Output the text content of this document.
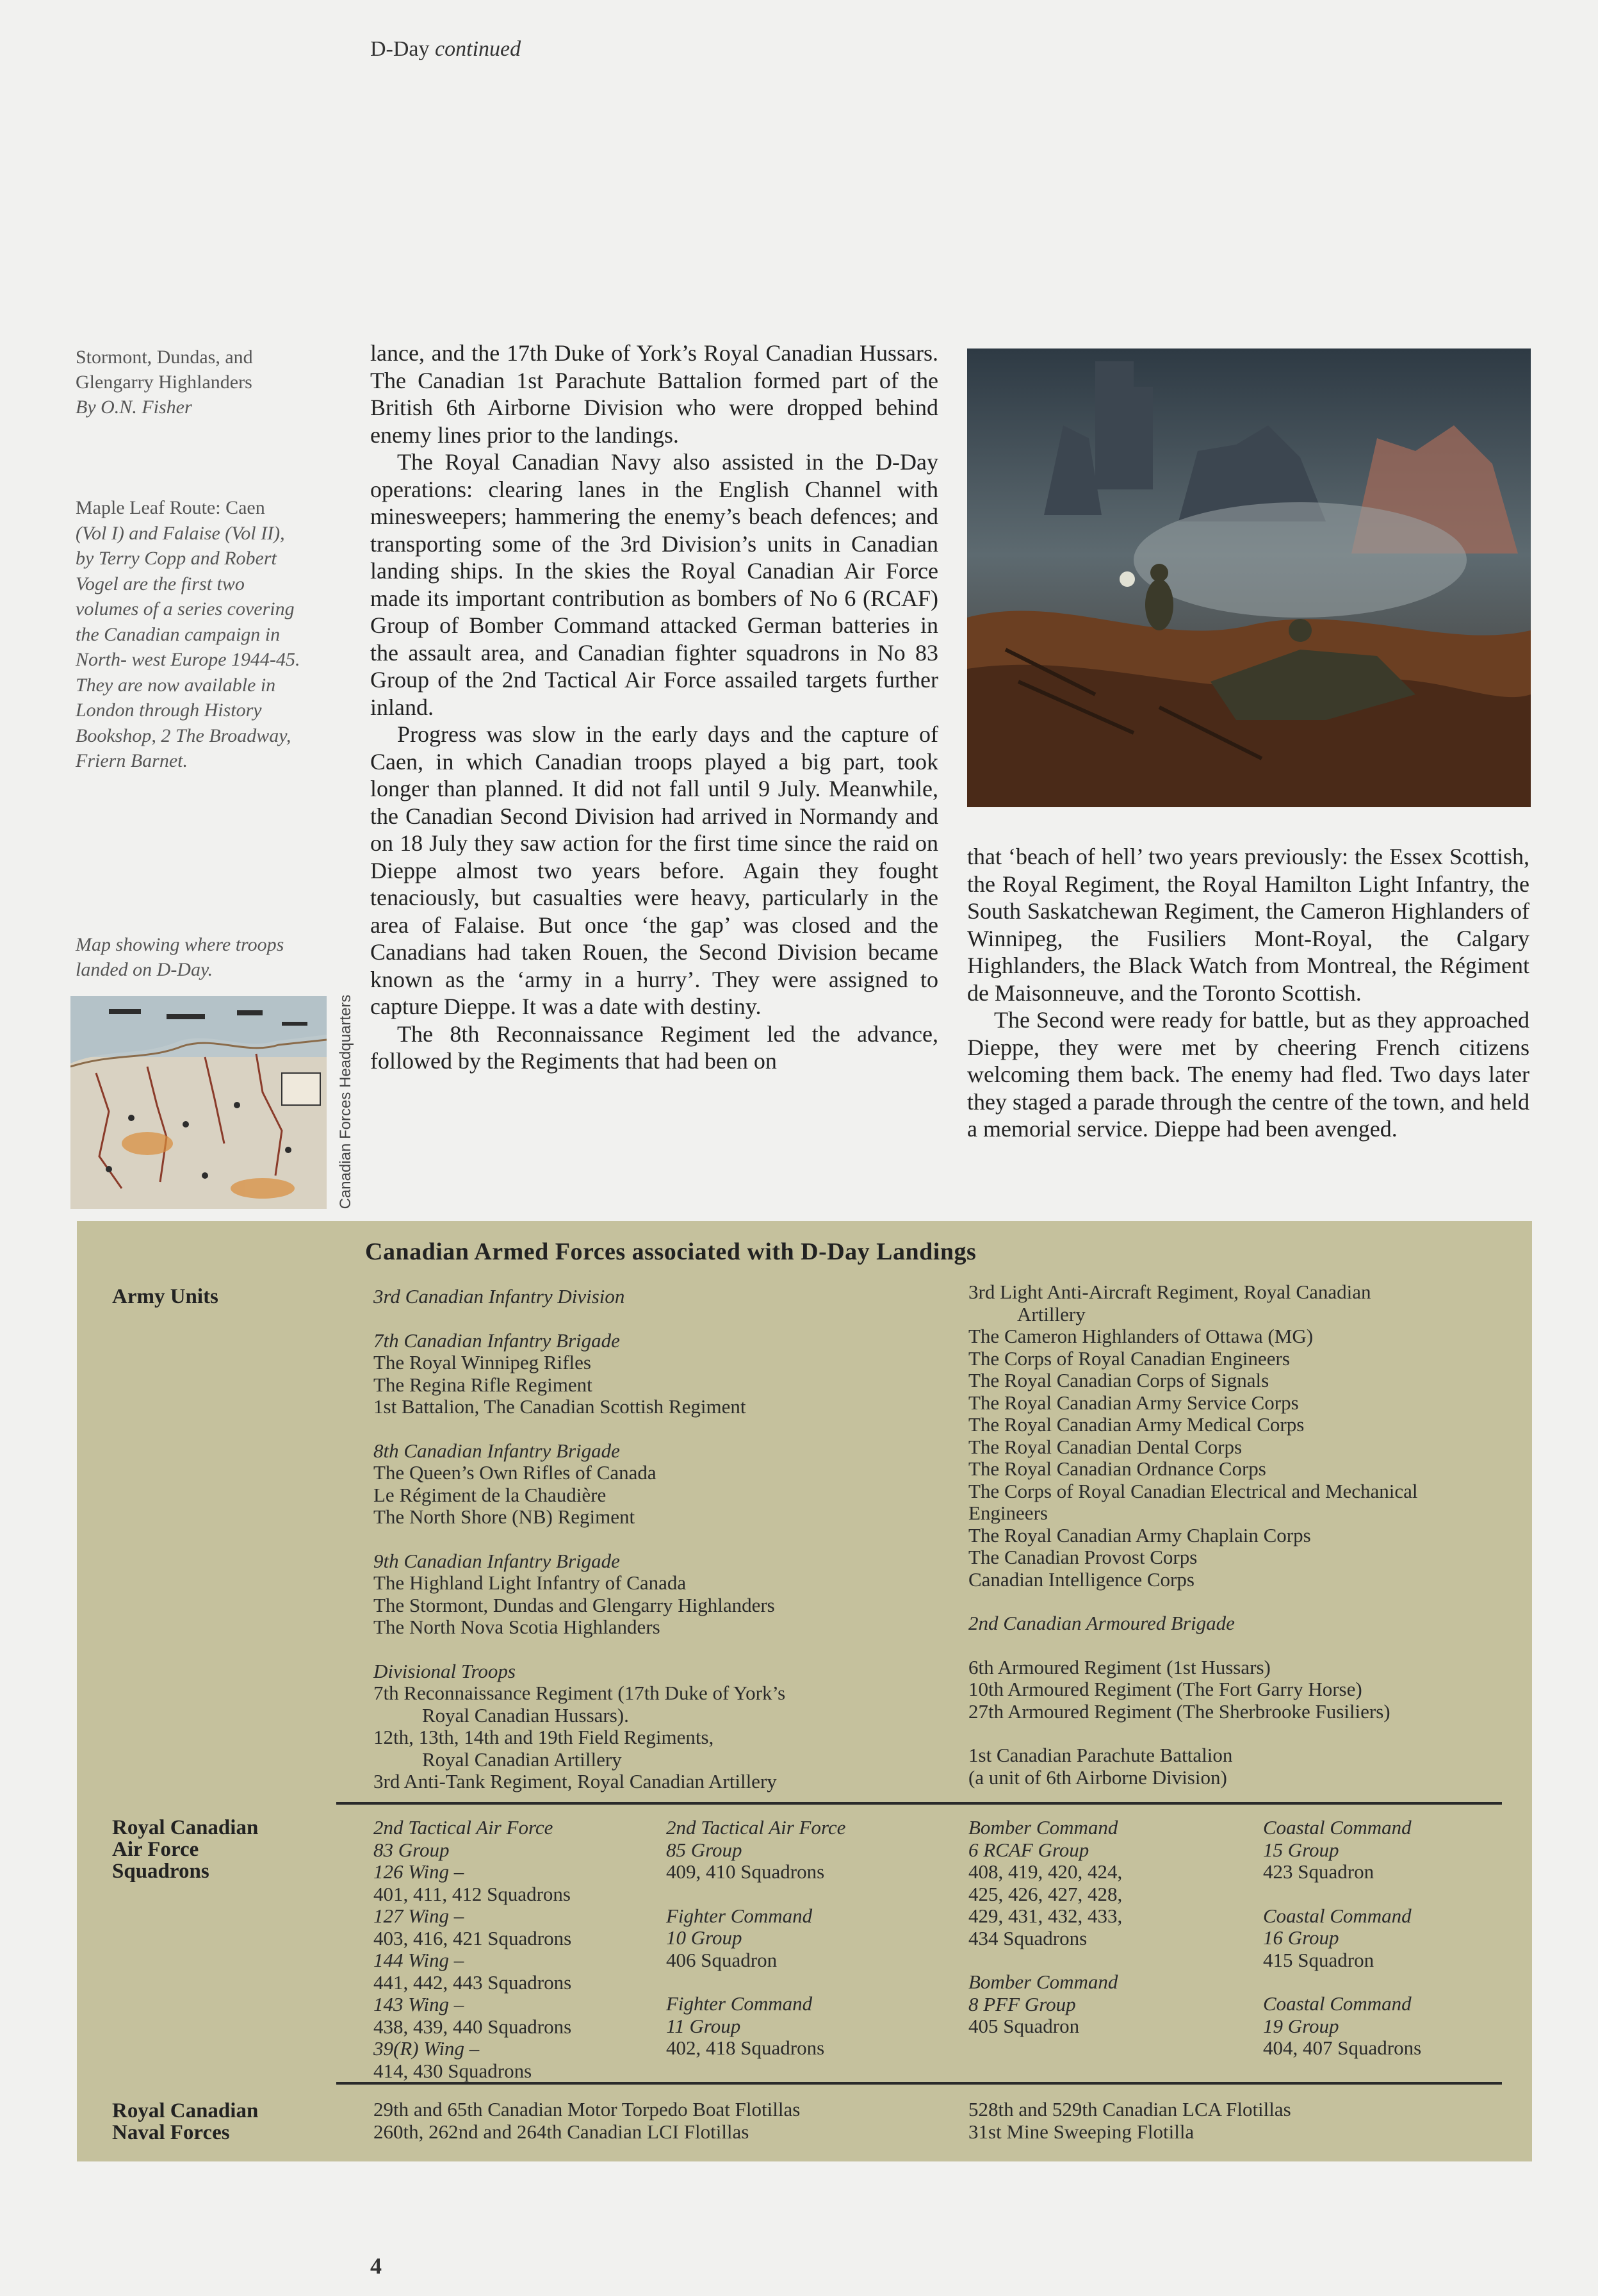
D-Day continued
Stormont, Dundas, and
Glengarry Highlanders
By O.N. Fisher
Maple Leaf Route: Caen
(Vol I) and Falaise (Vol II),
by Terry Copp and Robert
Vogel are the first two
volumes of a series covering
the Canadian campaign in
North- west Europe 1944-45.
They are now available in
London through History
Bookshop, 2 The Broadway,
Friern Barnet.
Map showing where troops
landed on D-Day.
Canadian Forces Headquarters

lance, and the 17th Duke of York’s Royal Canadian Hussars. The Canadian 1st Parachute Battalion formed part of the British 6th Airborne Division who were dropped behind enemy lines prior to the landings.

The Royal Canadian Navy also assisted in the D-Day operations: clearing lanes in the English Channel with minesweepers; hammering the enemy’s beach defences; and transporting some of the 3rd Division’s units in Canadian landing ships. In the skies the Royal Canadian Air Force made its important contribution as bombers of No 6 (RCAF) Group of Bomber Command attacked German batteries in the assault area, and Canadian fighter squadrons in No 83 Group of the 2nd Tactical Air Force assailed targets further inland.

Progress was slow in the early days and the capture of Caen, in which Canadian troops played a big part, took longer than planned. It did not fall until 9 July. Meanwhile, the Canadian Second Division had arrived in Normandy and on 18 July they saw action for the first time since the raid on Dieppe almost two years before. Again they fought tenaciously, but casualties were heavy, particularly in the area of Falaise. But once ‘the gap’ was closed and the Canadians had taken Rouen, the Second Division became known as the ‘army in a hurry’. They were assigned to capture Dieppe. It was a date with destiny.

The 8th Reconnaissance Regiment led the advance, followed by the Regiments that had been on

that ‘beach of hell’ two years previously: the Essex Scottish, the Royal Regiment, the Royal Hamilton Light Infantry, the South Saskatchewan Regiment, the Cameron Highlanders of Winnipeg, the Fusiliers Mont-Royal, the Calgary Highlanders, the Black Watch from Montreal, the Régiment de Maisonneuve, and the Toronto Scottish.

The Second were ready for battle, but as they approached Dieppe, they were met by cheering French citizens welcoming them back. The enemy had fled. Two days later they staged a parade through the centre of the town, and held a memorial service. Dieppe had been avenged.

Canadian Armed Forces associated with D-Day Landings
Army Units	3rd Canadian Infantry Division
7th Canadian Infantry Brigade
The Royal Winnipeg Rifles
The Regina Rifle Regiment
1st Battalion, The Canadian Scottish Regiment
8th Canadian Infantry Brigade
The Queen’s Own Rifles of Canada
Le Régiment de la Chaudière
The North Shore (NB) Regiment
9th Canadian Infantry Brigade
The Highland Light Infantry of Canada
The Stormont, Dundas and Glengarry Highlanders
The North Nova Scotia Highlanders
Divisional Troops
7th Reconnaissance Regiment (17th Duke of York’s
Royal Canadian Hussars).
12th, 13th, 14th and 19th Field Regiments,
Royal Canadian Artillery
3rd Anti-Tank Regiment, Royal Canadian Artillery
3rd Light Anti-Aircraft Regiment, Royal Canadian
Artillery
The Cameron Highlanders of Ottawa (MG)
The Corps of Royal Canadian Engineers
The Royal Canadian Corps of Signals
The Royal Canadian Army Service Corps
The Royal Canadian Army Medical Corps
The Royal Canadian Dental Corps
The Royal Canadian Ordnance Corps
The Corps of Royal Canadian Electrical and Mechanical
Engineers
The Royal Canadian Army Chaplain Corps
The Canadian Provost Corps
Canadian Intelligence Corps
2nd Canadian Armoured Brigade
6th Armoured Regiment (1st Hussars)
10th Armoured Regiment (The Fort Garry Horse)
27th Armoured Regiment (The Sherbrooke Fusiliers)
1st Canadian Parachute Battalion
(a unit of 6th Airborne Division)
Royal Canadian
Air Force
Squadrons
2nd Tactical Air Force
83 Group
126 Wing –
401, 411, 412 Squadrons
127 Wing –
403, 416, 421 Squadrons
144 Wing –
441, 442, 443 Squadrons
143 Wing –
438, 439, 440 Squadrons
39(R) Wing –
414, 430 Squadrons
2nd Tactical Air Force
85 Group
409, 410 Squadrons
Fighter Command
10 Group
406 Squadron
Fighter Command
11 Group
402, 418 Squadrons
Bomber Command
6 RCAF Group
408, 419, 420, 424,
425, 426, 427, 428,
429, 431, 432, 433,
434 Squadrons
Bomber Command
8 PFF Group
405 Squadron
Coastal Command
15 Group
423 Squadron
Coastal Command
16 Group
415 Squadron
Coastal Command
19 Group
404, 407 Squadrons
Royal Canadian
Naval Forces
29th and 65th Canadian Motor Torpedo Boat Flotillas
260th, 262nd and 264th Canadian LCI Flotillas
528th and 529th Canadian LCA Flotillas
31st Mine Sweeping Flotilla
4
